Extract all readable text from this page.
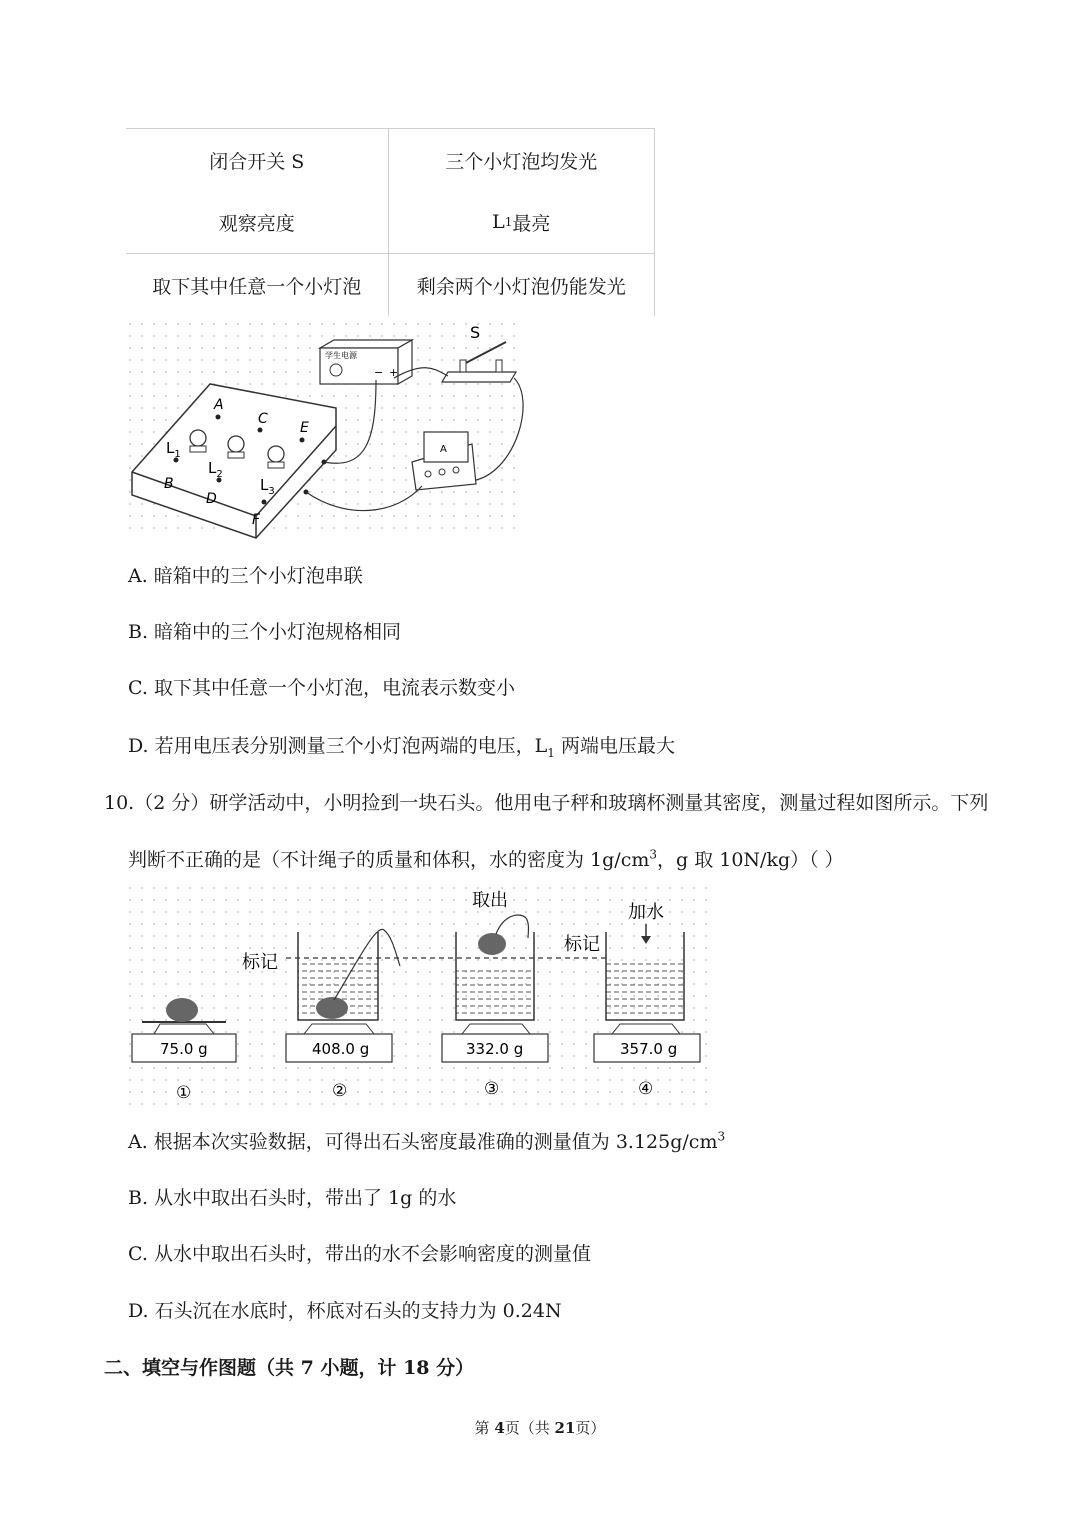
闭合开关 S	三个小灯泡均发光
观察亮度	L 1 最亮
取下其中任意一个小灯泡	剩余两个小灯泡仍能发光
A
B
C
D
E
F
$L_1$
$L_2$
$L_3$
学生电源
− +
S
A
A. 暗箱中的三个小灯泡串联
B. 暗箱中的三个小灯泡规格相同
C. 取下其中任意一个小灯泡，电流表示数变小
D. 若用电压表分别测量三个小灯泡两端的电压，$L_1$ 两端电压最大
10.（2 分）研学活动中，小明捡到一块石头。他用电子秤和玻璃杯测量其密度，测量过程如图所示。下列
判断不正确的是（不计绳子的质量和体积，水的密度为 $1g/cm^3$，g 取 10N/kg）（ ）
标记
标记
取出
加水
75.0 g
①
408.0 g
②
332.0 g
③
357.0 g
④
A. 根据本次实验数据，可得出石头密度最准确的测量值为 $3.125g/cm^3$
B. 从水中取出石头时，带出了 1g 的水
C. 从水中取出石头时，带出的水不会影响密度的测量值
D. 石头沉在水底时，杯底对石头的支持力为 0.24N
二、填空与作图题（共 7 小题，计 18 分）
第 4页（共 21页）
